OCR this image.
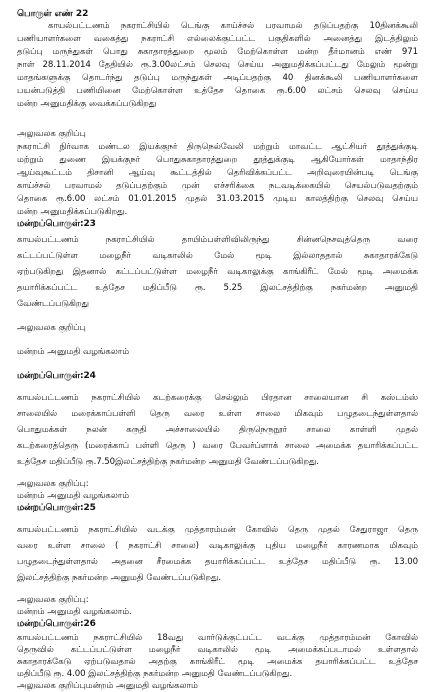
பொருள் எண் 22
காயல்பட்டணம் நகராட்சியில் டெங்கு காய்ச்சல் பரவாமல் தடுப்பதற்கு 10தினக்கூலி
பணியாளர்களை வகைத்து நகராட்சி எல்லைக்குட்பட்ட பகுதிகளில் அனைத்து இடத்திலும்
தடுப்பு மருந்துகள் பொது சுகாதாரத்துறை மூலம் மேற்கொள்ள மன்ற தீர்மானம் எண் 971
நாள் 28.11.2014 தேதியில் ரூ.3.00லட்சம் செலவு செய்ய அனுமதிக்கப்பட்டது மேலும் மூன்று
மாதங்களுக்கு தொடர்ந்து தடுப்பு மருந்துகள் அடிப்பதற்கு 40 தினக்கூலி பணியாளர்களை
பயன்படுத்தி பணியினை மேற்கொள்ள உத்தேச தொகை ரூ.6.00 லட்சம் செலவு செய்ய
மன்ற அனுமதிக்கு வைக்கப்படுகிறது
அலுவலக குறிப்பு
நகராட்சி நிர்வாக மண்டல இயக்குநர் திருநெல்வேலி மற்றும் மாவட்ட ஆட்சியர் தூத்துக்குடி
மற்றும் துணை இயக்குநர் பொதுசுகாதாரத்துறை தூத்துக்குடி ஆகியோர்கள் மாதாந்திர
ஆய்வுகூட்டம் திசானி ஆய்வு கூட்டத்தில் தெரிவிக்கப்பட்ட அறிவுரையின்படி டெங்கு
காய்ச்சல் பரவாமல் தடுப்பதற்கும் முன் எச்சரிக்கை நடவடிக்கையில் செயல்படுவதற்கும்
தொகை ரூ.6.00 லட்சம் 01.01.2015 முதல் 31.03.2015 முடிய காலத்திற்கு செலவு செய்ய
மன்ற அனுமதிக்கப்படுகிறது.
மன்றப்பொருள்:23
காயல்பட்டணம் நகராட்சியில் தாயிம்பள்ளிவிலிருந்து சின்னநெசவுத்தெரு வரை
கட்டப்பட்டுள்ள மழைநீர் வடிகாலில் மேல் மூடி இல்லாததால் சுகாதாரக்கேடு
ஏற்படுகிறது இதனால் கட்டப்பட்டுள்ள மழைநீர் வடிகாலுக்கு காங்கிரீட் மேல் மூடி அமைக்க
தயாரிக்கப்பட்ட உத்தேச மதிப்பீடு ரூ. 5.25 இலட்சத்திற்கு நகர்மன்ற அனுமதி
வேண்டப்படுகிறது
அலுவலக குறிப்பு
மன்றம் அனுமதி வழங்கலாம்
மன்றப்பொருள்:24
காயல்பட்டணம் நகராட்சியில் கடற்கரைக்கு செல்லும் பிரதான சாலையான சி கஸ்டம்ஸ்
சாலையில் மரைக்காப்பள்ளி தெரு வரை உள்ள சாலை மிகவும் பழுதடைந்துள்ளதால்
பொதுமக்கள் நலன் கருதி அச்சாலையில் திருநெருநூர் சாலை காள்ளி முதல்
கடற்கரைத்தெரு (மரைக்காப் பள்ளி தெரு ) வரை பேவர்ப்ளாக் சாலை அமைக்க தயாரிக்கப்பட்ட
உத்தேச மதிப்பீடு ரூ.7.50இலட்சத்திற்கு நகர்மன்ற அனுமதி வேண்டப்படுகிறது.
அலுவலக குறிப்பு:
மன்றம் அனுமதி வழங்கலாம்
மன்றப்பொருள்:25
காயல்பட்டணம் நகராட்சியில் வடக்கு முத்தாரம்மன் கோவில் தெரு முதல் சேதுராஜா தெரு
வரை உள்ள சாலை ( நகராட்சி சாலை) வடிகாலுக்கு புதிய மழைநீர் காரணமாக மிகவும்
பழுதடைந்துள்ளதால் அதனை சீரமைக்க தயாரிக்கப்பட்ட உத்தேச மதிப்பீடு ரூ. 13.00
இலட்சத்திற்கு நகர்மன்ற அனுமதி வேண்டப்படுகிறது.
அலுவலக குறிப்பு:
மன்றம் அனுமதி வழங்கலாம்.
மன்றப்பொருள்:26
காயல்பட்டணம் நகராட்சியில் 18வது வார்டுக்குட்பட்ட வடக்கு முத்தாரம்மன் கோவில்
தெருவில் கட்டப்பட்டுள்ள மழைநீர் வடிகாலில் மூடி அமைக்கப்படாமல் உள்ளதால்
சுகாதாரக்கேடு ஏற்படுவதால் அதற்கு காங்கிரீட் மூடி அமைக்க தயாரிக்கப்பட்ட உத்தேச
மதிப்பீடு ரூ. 4.00 இலட்சத்திற்கு நகர்மன்ற அனுமதி வேண்டப்படுகிறது.
அலுவலக குறிப்புமன்றம் அனுமதி வழங்கலாம்
